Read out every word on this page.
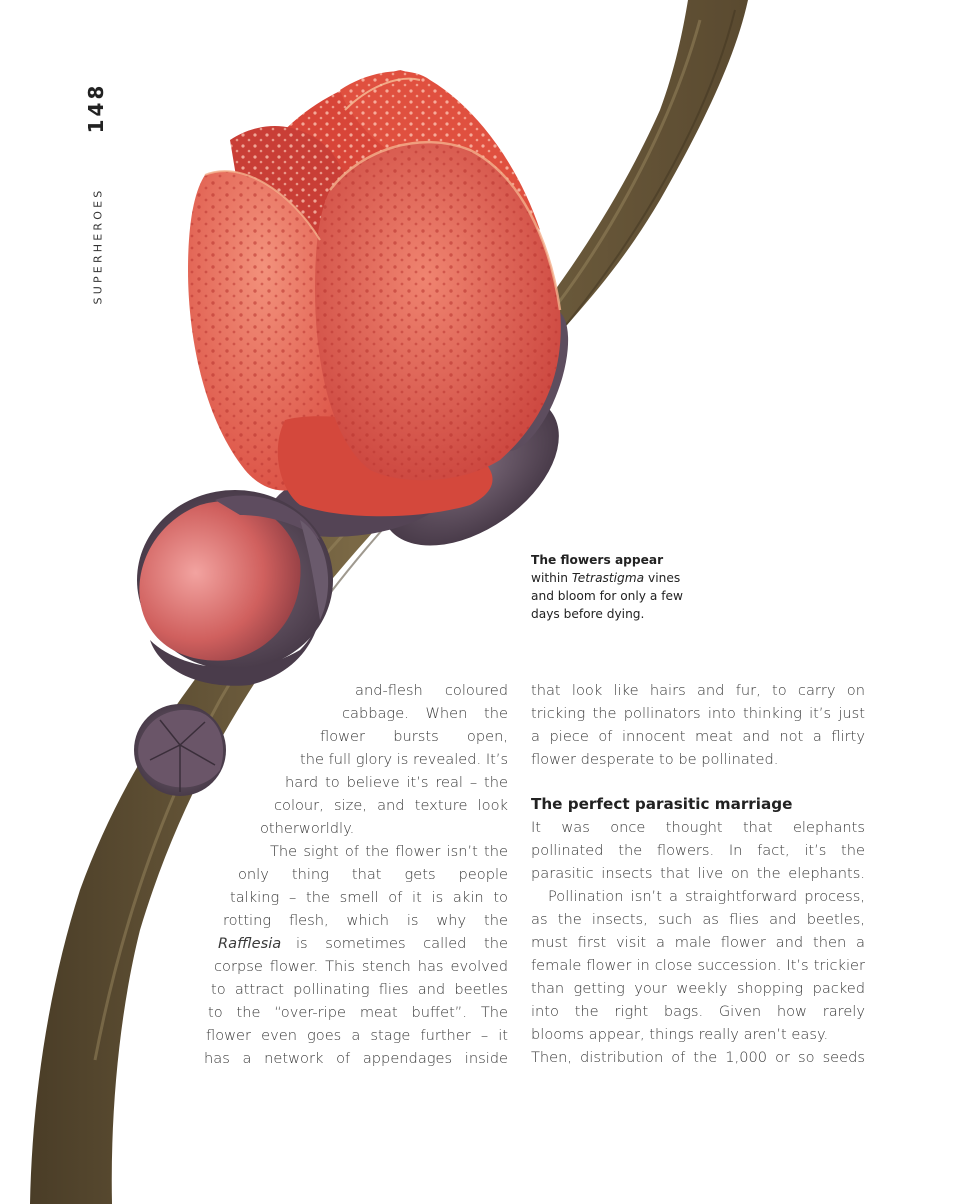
148
SUPERHEROES
The flowers appear
within Tetrastigma vines
and bloom for only a few
days before dying.
and-flesh coloured
cabbage. When the
flower bursts open,
the full glory is revealed. It’s
hard to believe it’s real – the
colour, size, and texture look
otherworldly.
The sight of the flower isn’t the
only thing that gets people
talking – the smell of it is akin to
rotting flesh, which is why the
Rafflesia is sometimes called the
corpse flower. This stench has evolved
to attract pollinating flies and beetles
to the “over-ripe meat buffet”. The
flower even goes a stage further – it
has a network of appendages inside
that look like hairs and fur, to carry on
tricking the pollinators into thinking it’s just
a piece of innocent meat and not a flirty
flower desperate to be pollinated.
The perfect parasitic marriage
It was once thought that elephants
pollinated the flowers. In fact, it’s the
parasitic insects that live on the elephants.
Pollination isn’t a straightforward process,
as the insects, such as flies and beetles,
must first visit a male flower and then a
female flower in close succession. It’s trickier
than getting your weekly shopping packed
into the right bags. Given how rarely
blooms appear, things really aren’t easy.
Then, distribution of the 1,000 or so seeds
